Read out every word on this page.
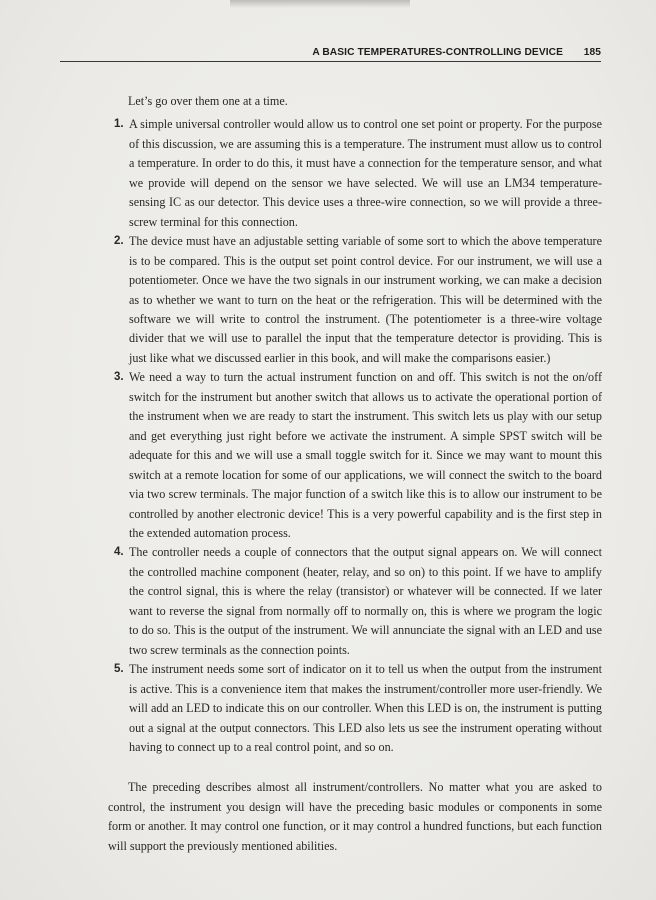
A BASIC TEMPERATURES-CONTROLLING DEVICE 185

Let’s go over them one at a time.

1. A simple universal controller would allow us to control one set point or property. For the purpose of this discussion, we are assuming this is a temperature. The instrument must allow us to control a temperature. In order to do this, it must have a connection for the temperature sensor, and what we provide will depend on the sensor we have selected. We will use an LM34 temperature-sensing IC as our detector. This device uses a three-wire connection, so we will provide a three-screw terminal for this connection.
2. The device must have an adjustable setting variable of some sort to which the above temperature is to be compared. This is the output set point control device. For our instrument, we will use a potentiometer. Once we have the two signals in our instrument working, we can make a decision as to whether we want to turn on the heat or the refrigeration. This will be determined with the software we will write to control the instrument. (The potentiometer is a three-wire voltage divider that we will use to parallel the input that the temperature detector is providing. This is just like what we discussed earlier in this book, and will make the comparisons easier.)
3. We need a way to turn the actual instrument function on and off. This switch is not the on/off switch for the instrument but another switch that allows us to activate the operational portion of the instrument when we are ready to start the instrument. This switch lets us play with our setup and get everything just right before we activate the instrument. A simple SPST switch will be adequate for this and we will use a small toggle switch for it. Since we may want to mount this switch at a remote location for some of our applications, we will connect the switch to the board via two screw terminals. The major function of a switch like this is to allow our instrument to be controlled by another electronic device! This is a very powerful capability and is the first step in the extended automation process.
4. The controller needs a couple of connectors that the output signal appears on. We will connect the controlled machine component (heater, relay, and so on) to this point. If we have to amplify the control signal, this is where the relay (transistor) or whatever will be connected. If we later want to reverse the signal from normally off to normally on, this is where we program the logic to do so. This is the output of the instrument. We will annunciate the signal with an LED and use two screw terminals as the connection points.
5. The instrument needs some sort of indicator on it to tell us when the output from the instrument is active. This is a convenience item that makes the instrument/controller more user-friendly. We will add an LED to indicate this on our controller. When this LED is on, the instrument is putting out a signal at the output connectors. This LED also lets us see the instrument operating without having to connect up to a real control point, and so on.

The preceding describes almost all instrument/controllers. No matter what you are asked to control, the instrument you design will have the preceding basic modules or components in some form or another. It may control one function, or it may control a hundred functions, but each function will support the previously mentioned abilities.
